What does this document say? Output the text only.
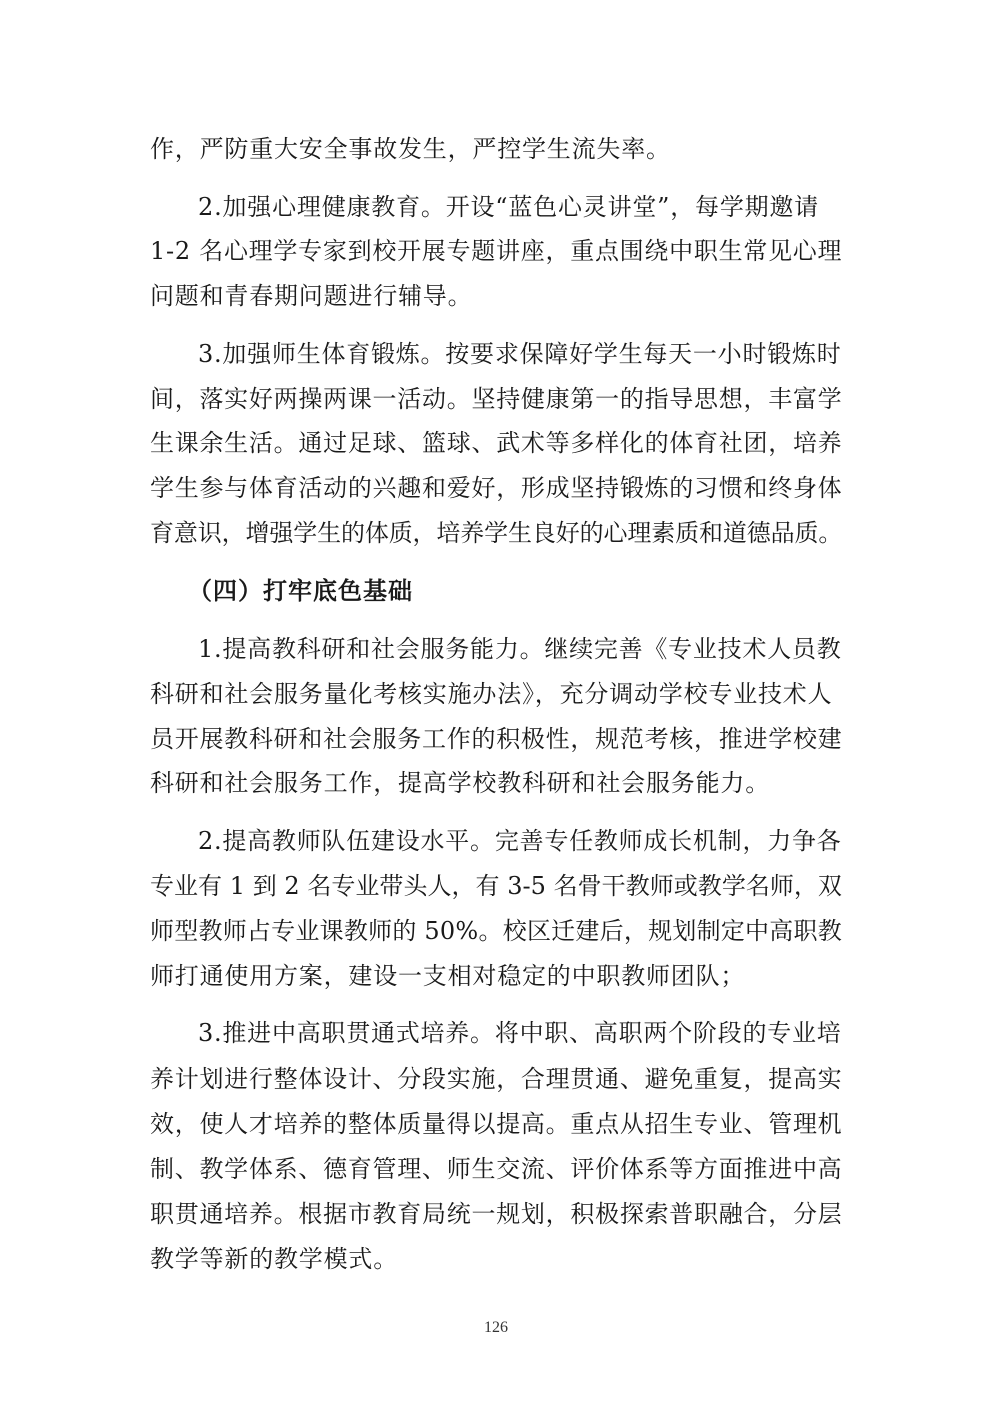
作，严防重大安全事故发生，严控学生流失率。
2.加强心理健康教育。开设“蓝色心灵讲堂”，每学期邀请
1-2 名心理学专家到校开展专题讲座，重点围绕中职生常见心理
问题和青春期问题进行辅导。
3.加强师生体育锻炼。按要求保障好学生每天一小时锻炼时
间，落实好两操两课一活动。坚持健康第一的指导思想，丰富学
生课余生活。通过足球、篮球、武术等多样化的体育社团，培养
学生参与体育活动的兴趣和爱好，形成坚持锻炼的习惯和终身体
育意识，增强学生的体质，培养学生良好的心理素质和道德品质。
（四）打牢底色基础
1.提高教科研和社会服务能力。继续完善《专业技术人员教
科研和社会服务量化考核实施办法》，充分调动学校专业技术人
员开展教科研和社会服务工作的积极性，规范考核，推进学校建
科研和社会服务工作，提高学校教科研和社会服务能力。
2.提高教师队伍建设水平。完善专任教师成长机制，力争各
专业有 1 到 2 名专业带头人，有 3-5 名骨干教师或教学名师，双
师型教师占专业课教师的 50%。校区迁建后，规划制定中高职教
师打通使用方案，建设一支相对稳定的中职教师团队；
3.推进中高职贯通式培养。将中职、高职两个阶段的专业培
养计划进行整体设计、分段实施，合理贯通、避免重复，提高实
效，使人才培养的整体质量得以提高。重点从招生专业、管理机
制、教学体系、德育管理、师生交流、评价体系等方面推进中高
职贯通培养。根据市教育局统一规划，积极探索普职融合，分层
教学等新的教学模式。
126
